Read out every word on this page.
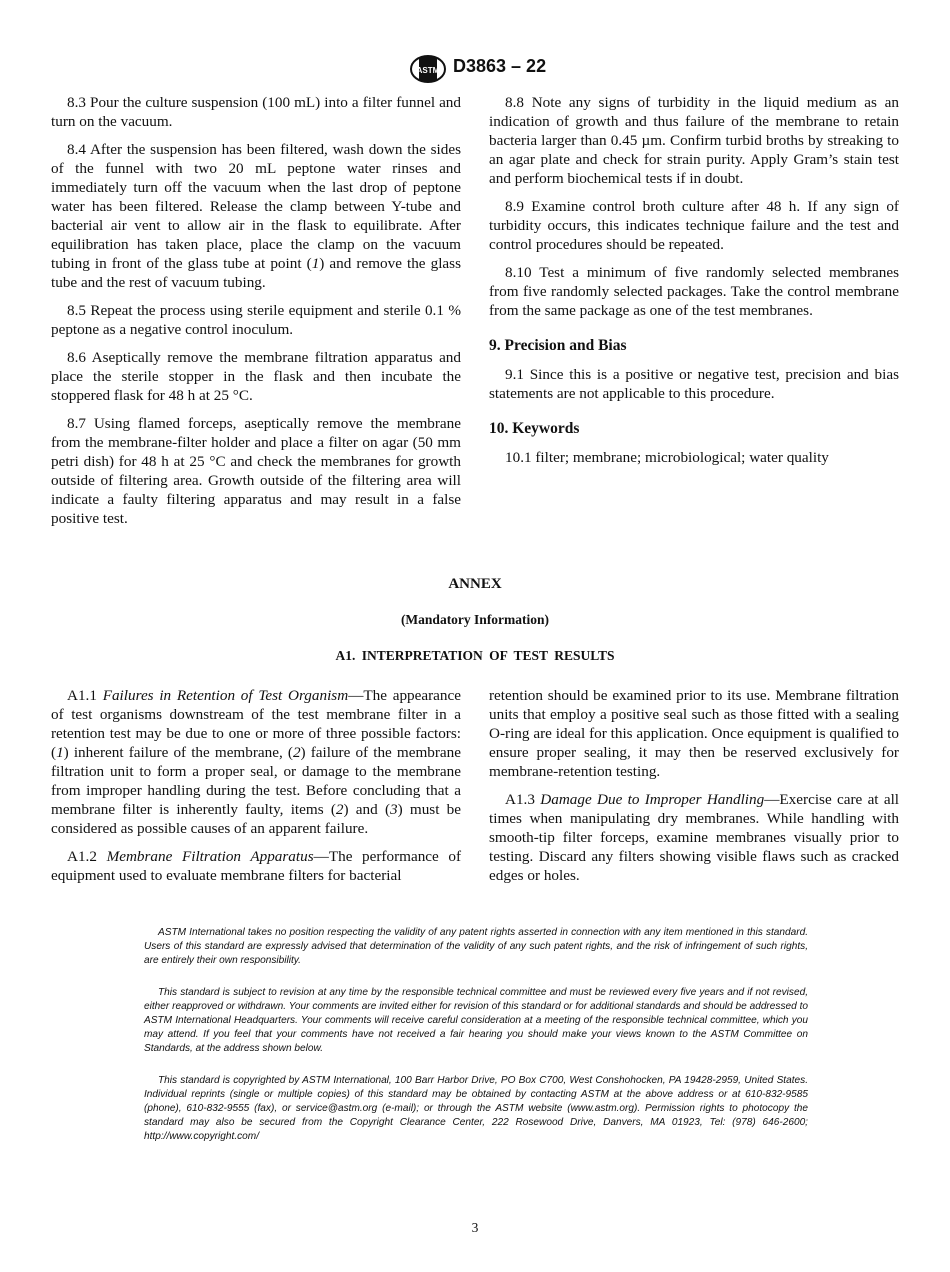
ASTM D3863 – 22

8.3 Pour the culture suspension (100 mL) into a filter funnel and turn on the vacuum.

8.4 After the suspension has been filtered, wash down the sides of the funnel with two 20 mL peptone water rinses and immediately turn off the vacuum when the last drop of peptone water has been filtered. Release the clamp between Y-tube and bacterial air vent to allow air in the flask to equilibrate. After equilibration has taken place, place the clamp on the vacuum tubing in front of the glass tube at point (1) and remove the glass tube and the rest of vacuum tubing.

8.5 Repeat the process using sterile equipment and sterile 0.1 % peptone as a negative control inoculum.

8.6 Aseptically remove the membrane filtration apparatus and place the sterile stopper in the flask and then incubate the stoppered flask for 48 h at 25 °C.

8.7 Using flamed forceps, aseptically remove the membrane from the membrane-filter holder and place a filter on agar (50 mm petri dish) for 48 h at 25 °C and check the membranes for growth outside of filtering area. Growth outside of the filtering area will indicate a faulty filtering apparatus and may result in a false positive test.

8.8 Note any signs of turbidity in the liquid medium as an indication of growth and thus failure of the membrane to retain bacteria larger than 0.45 µm. Confirm turbid broths by streaking to an agar plate and check for strain purity. Apply Gram’s stain test and perform biochemical tests if in doubt.

8.9 Examine control broth culture after 48 h. If any sign of turbidity occurs, this indicates technique failure and the test and control procedures should be repeated.

8.10 Test a minimum of five randomly selected membranes from five randomly selected packages. Take the control membrane from the same package as one of the test membranes.

9. Precision and Bias

9.1 Since this is a positive or negative test, precision and bias statements are not applicable to this procedure.

10. Keywords

10.1 filter; membrane; microbiological; water quality

ANNEX
(Mandatory Information)
A1. INTERPRETATION OF TEST RESULTS

A1.1 Failures in Retention of Test Organism—The appearance of test organisms downstream of the test membrane filter in a retention test may be due to one or more of three possible factors: (1) inherent failure of the membrane, (2) failure of the membrane filtration unit to form a proper seal, or damage to the membrane from improper handling during the test. Before concluding that a membrane filter is inherently faulty, items (2) and (3) must be considered as possible causes of an apparent failure.

A1.2 Membrane Filtration Apparatus—The performance of equipment used to evaluate membrane filters for bacterial

retention should be examined prior to its use. Membrane filtration units that employ a positive seal such as those fitted with a sealing O-ring are ideal for this application. Once equipment is qualified to ensure proper sealing, it may then be reserved exclusively for membrane-retention testing.

A1.3 Damage Due to Improper Handling—Exercise care at all times when manipulating dry membranes. While handling with smooth-tip filter forceps, examine membranes visually prior to testing. Discard any filters showing visible flaws such as cracked edges or holes.

ASTM International takes no position respecting the validity of any patent rights asserted in connection with any item mentioned in this standard. Users of this standard are expressly advised that determination of the validity of any such patent rights, and the risk of infringement of such rights, are entirely their own responsibility.

This standard is subject to revision at any time by the responsible technical committee and must be reviewed every five years and if not revised, either reapproved or withdrawn. Your comments are invited either for revision of this standard or for additional standards and should be addressed to ASTM International Headquarters. Your comments will receive careful consideration at a meeting of the responsible technical committee, which you may attend. If you feel that your comments have not received a fair hearing you should make your views known to the ASTM Committee on Standards, at the address shown below.

This standard is copyrighted by ASTM International, 100 Barr Harbor Drive, PO Box C700, West Conshohocken, PA 19428-2959, United States. Individual reprints (single or multiple copies) of this standard may be obtained by contacting ASTM at the above address or at 610-832-9585 (phone), 610-832-9555 (fax), or service@astm.org (e-mail); or through the ASTM website (www.astm.org). Permission rights to photocopy the standard may also be secured from the Copyright Clearance Center, 222 Rosewood Drive, Danvers, MA 01923, Tel: (978) 646-2600; http://www.copyright.com/

3
